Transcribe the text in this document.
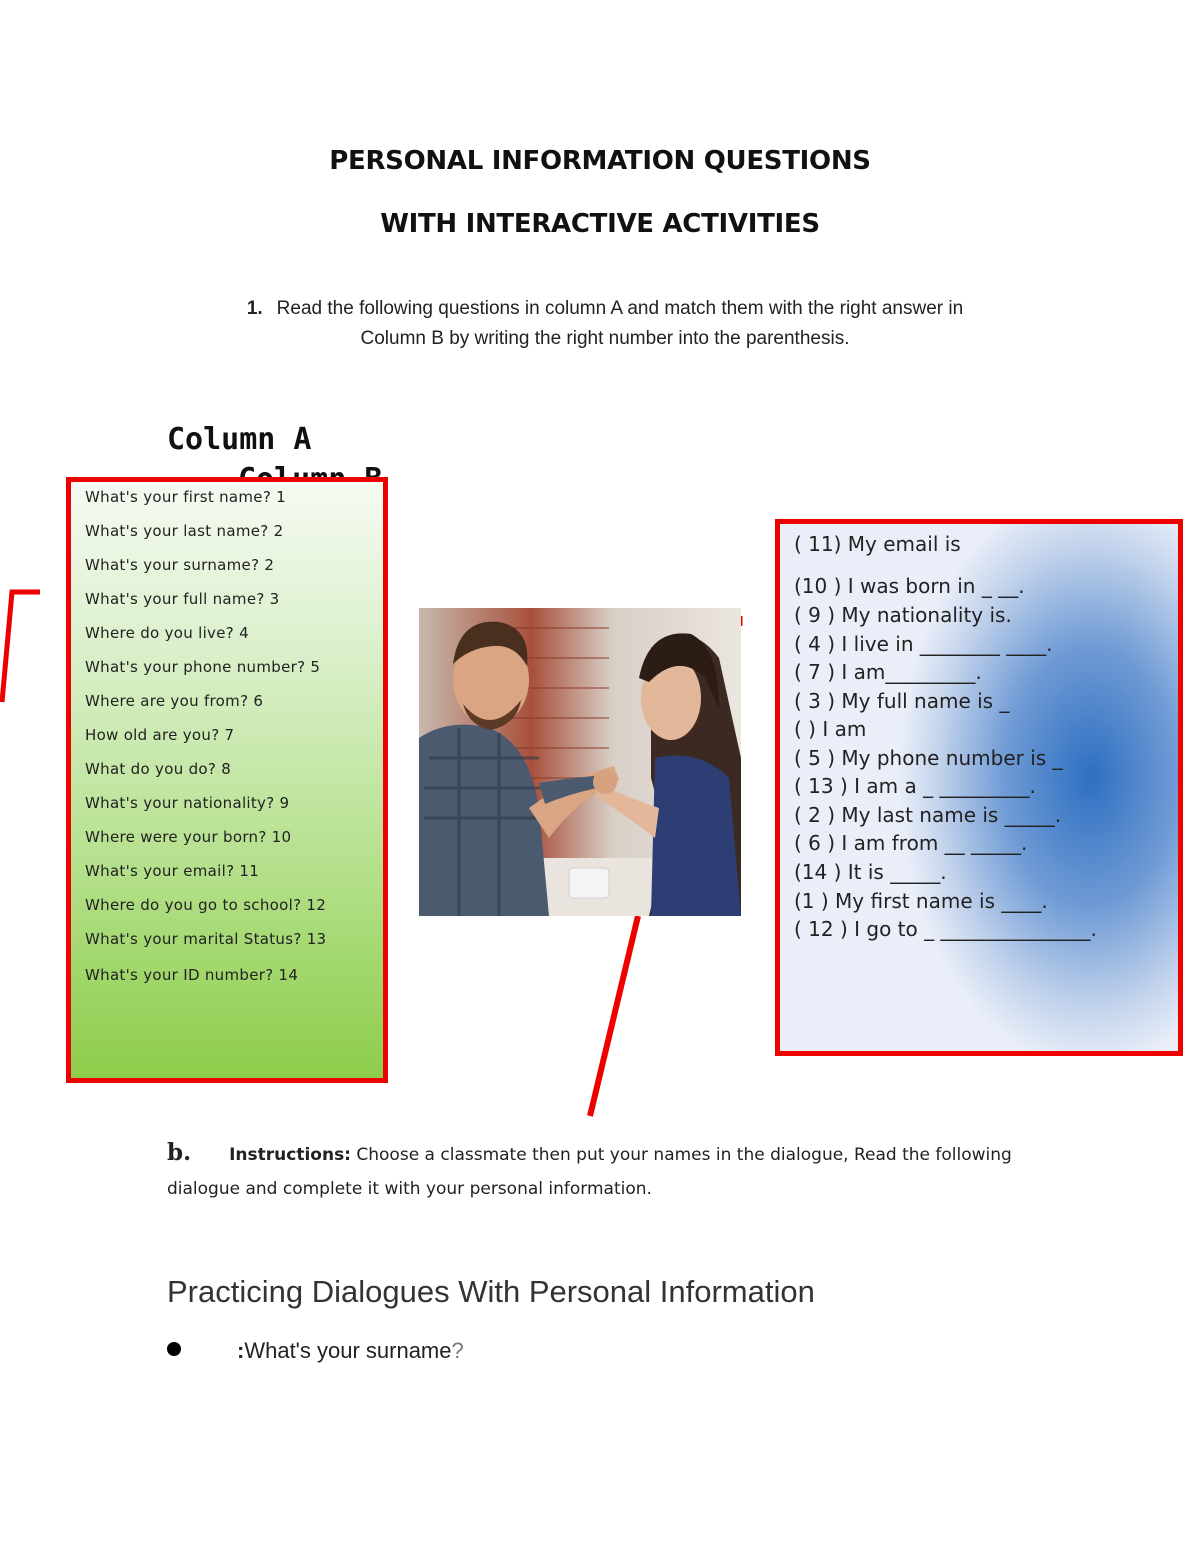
PERSONAL INFORMATION QUESTIONS
WITH INTERACTIVE ACTIVITIES
1. Read the following questions in column A and match them with the right answer in
Column B by writing the right number into the parenthesis.
Column A
What's your first name? 1
What's your last name? 2
What's your surname? 2
What's your full name? 3
Where do you live? 4
What's your phone number? 5
Where are you from? 6
How old are you? 7
What do you do? 8
What's your nationality? 9
Where were your born? 10
What's your email? 11
Where do you go to school? 12
What's your marital Status? 13
What's your ID number? 14
( 11) My email is
(10 ) I was born in _ __.
( 9 ) My nationality is.
( 4 ) I live in ________ ____.
( 7 ) I am_________.
( 3 ) My full name is _
( ) I am
( 5 ) My phone number is _
( 13 ) I am a _ _________.
( 2 ) My last name is _____.
( 6 ) I am from __ _____.
(14 ) It is _____.
(1 ) My first name is ____.
( 12 ) I go to _ _______________.
b. Instructions: Choose a classmate then put your names in the dialogue, Read the following
dialogue and complete it with your personal information.
Practicing Dialogues With Personal Information
:What's your surname?
